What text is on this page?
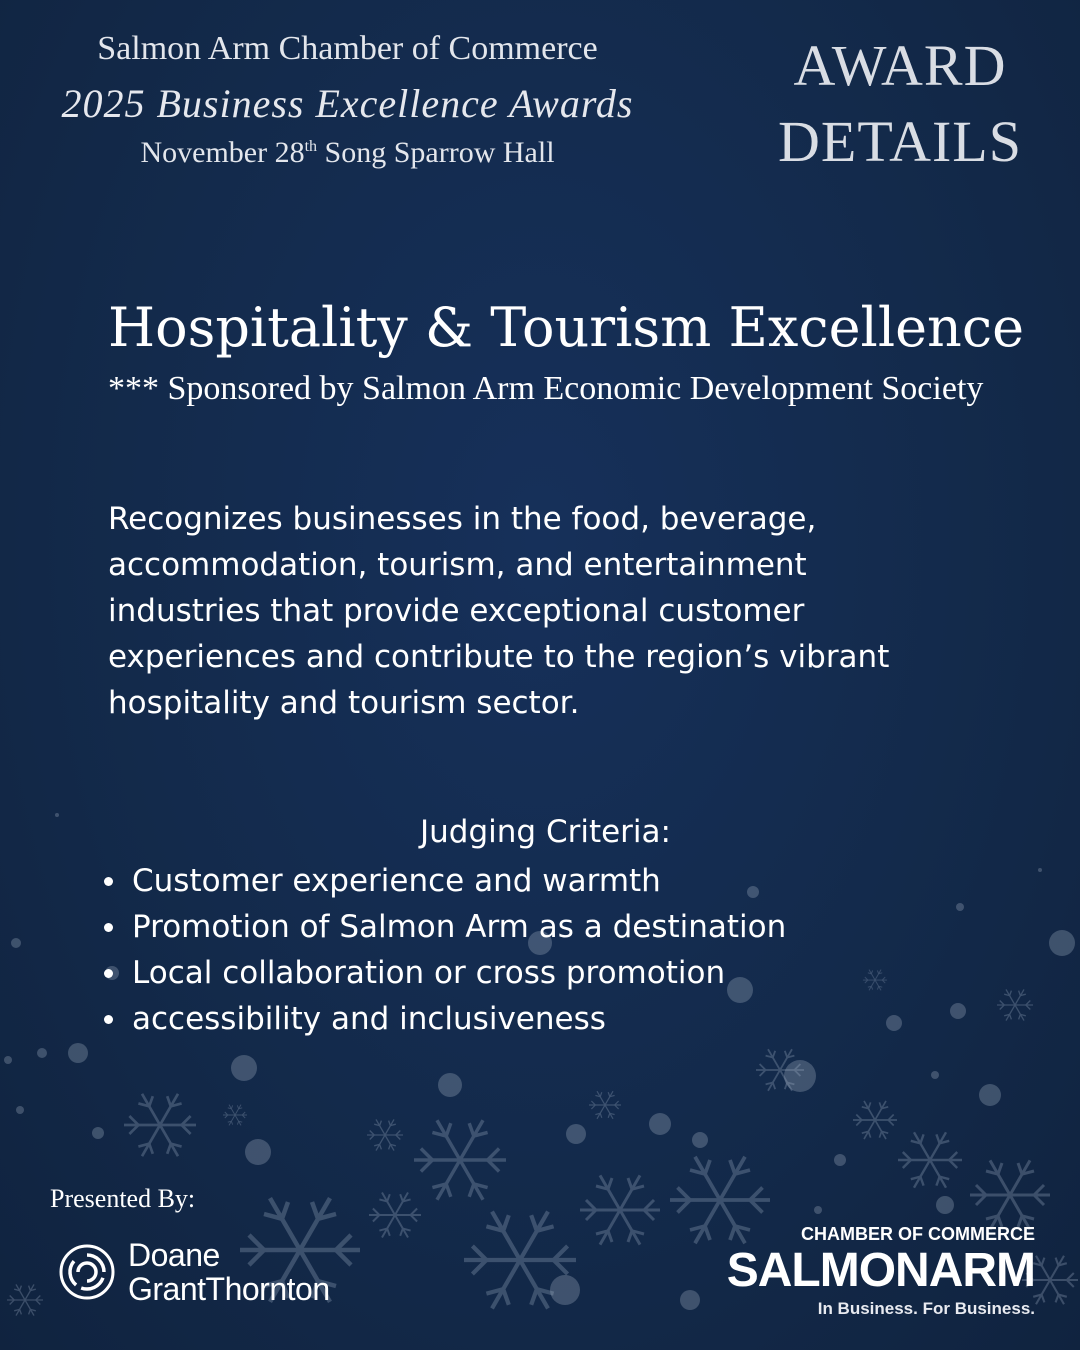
Salmon Arm Chamber of Commerce
2025 Business Excellence Awards
November 28th Song Sparrow Hall
AWARD
DETAILS
Hospitality & Tourism Excellence
*** Sponsored by Salmon Arm Economic Development Society
Recognizes businesses in the food, beverage, accommodation, tourism, and entertainment industries that provide exceptional customer experiences and contribute to the region’s vibrant hospitality and tourism sector.
Judging Criteria:
Customer experience and warmth
Promotion of Salmon Arm as a destination
Local collaboration or cross promotion
accessibility and inclusiveness
Presented By:
Doane
GrantThornton
CHAMBER OF COMMERCE
SALMONARM
In Business. For Business.
